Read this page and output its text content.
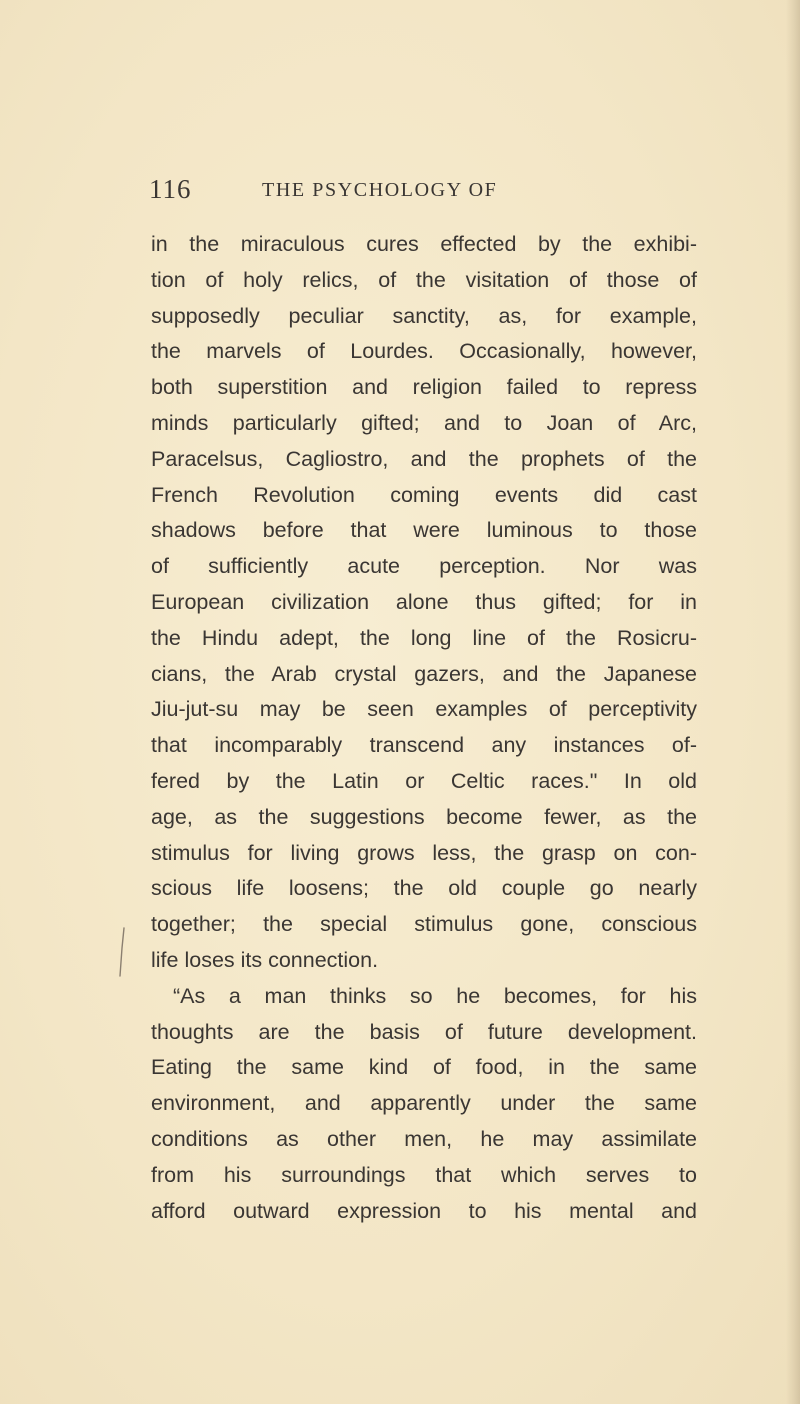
116	THE PSYCHOLOGY OF
in the miraculous cures effected by the exhibi-
tion of holy relics, of the visitation of those of
supposedly peculiar sanctity, as, for example,
the marvels of Lourdes. Occasionally, however,
both superstition and religion failed to repress
minds particularly gifted; and to Joan of Arc,
Paracelsus, Cagliostro, and the prophets of the
French Revolution coming events did cast
shadows before that were luminous to those
of sufficiently acute perception. Nor was
European civilization alone thus gifted; for in
the Hindu adept, the long line of the Rosicru-
cians, the Arab crystal gazers, and the Japanese
Jiu-jut-su may be seen examples of perceptivity
that incomparably transcend any instances of-
fered by the Latin or Celtic races." In old
age, as the suggestions become fewer, as the
stimulus for living grows less, the grasp on con-
scious life loosens; the old couple go nearly
together; the special stimulus gone, conscious
life loses its connection.
“As a man thinks so he becomes, for his
thoughts are the basis of future development.
Eating the same kind of food, in the same
environment, and apparently under the same
conditions as other men, he may assimilate
from his surroundings that which serves to
afford outward expression to his mental and
